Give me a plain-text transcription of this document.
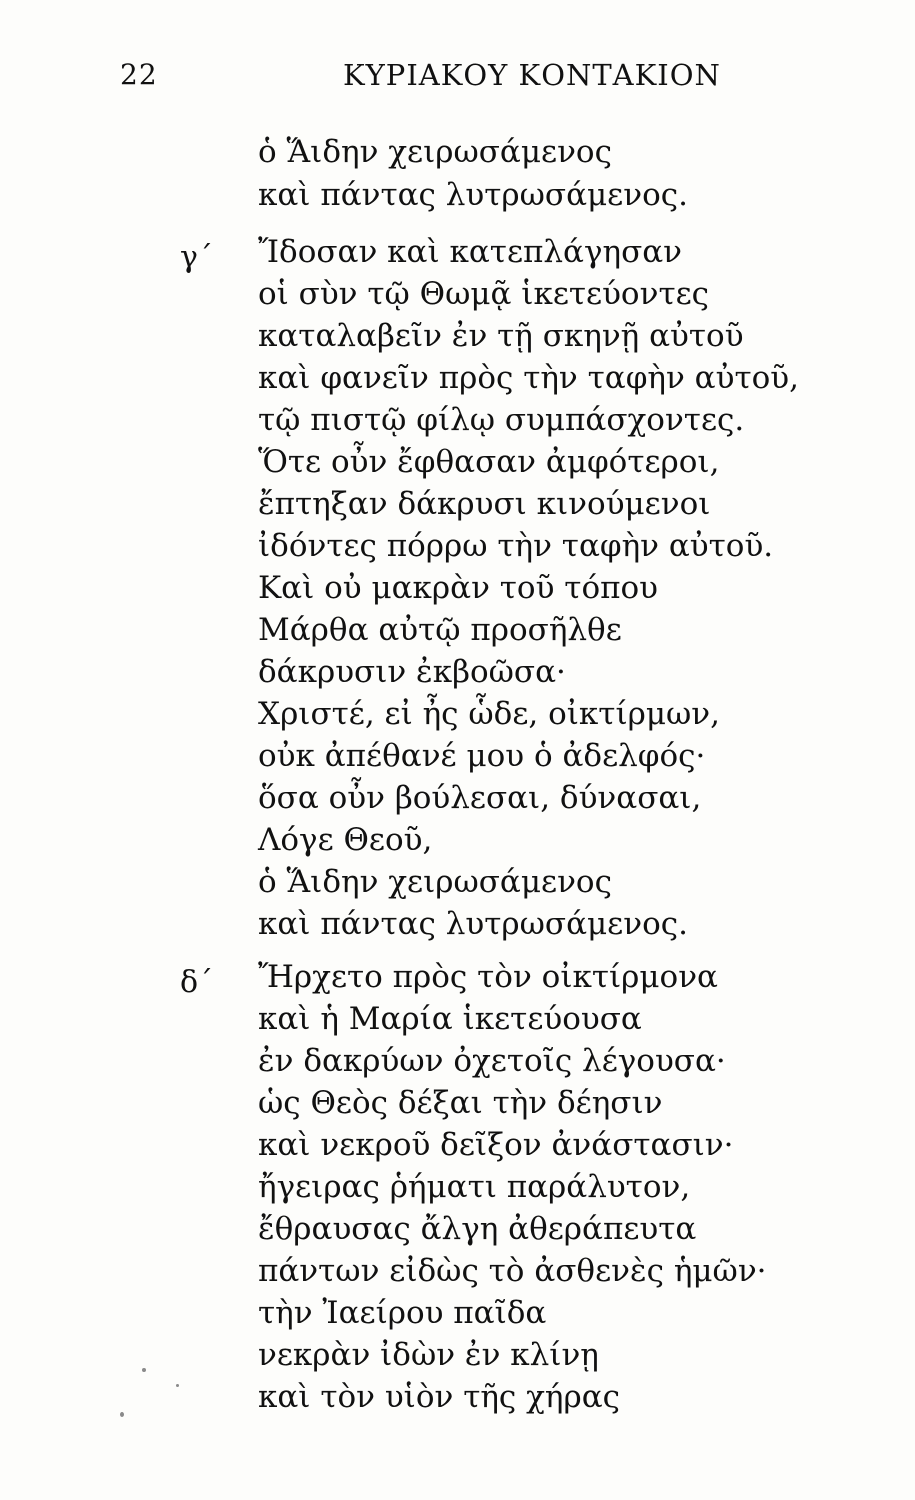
22	ΚΥΡΙΑΚΟΥ ΚΟΝΤΑΚΙΟΝ
ὁ Ἅιδην χειρωσάμενος
καὶ πάντας λυτρωσάμενος.
γ΄ Ἴδοσαν καὶ κατεπλάγησαν
οἱ σὺν τῷ Θωμᾷ ἱκετεύοντες
καταλαβεῖν ἐν τῇ σκηνῇ αὐτοῦ
καὶ φανεῖν πρὸς τὴν ταφὴν αὐτοῦ,
τῷ πιστῷ φίλῳ συμπάσχοντες.
Ὅτε οὖν ἔφθασαν ἀμφότεροι,
ἔπτηξαν δάκρυσι κινούμενοι
ἰδόντες πόρρω τὴν ταφὴν αὐτοῦ.
Καὶ οὐ μακρὰν τοῦ τόπου
Μάρθα αὐτῷ προσῆλθε
δάκρυσιν ἐκβοῶσα·
Χριστέ, εἰ ἦς ὧδε, οἰκτίρμων,
οὐκ ἀπέθανέ μου ὁ ἀδελφός·
ὅσα οὖν βούλεσαι, δύνασαι,
Λόγε Θεοῦ,
ὁ Ἅιδην χειρωσάμενος
καὶ πάντας λυτρωσάμενος.
δ΄ Ἤρχετο πρὸς τὸν οἰκτίρμονα
καὶ ἡ Μαρία ἱκετεύουσα
ἐν δακρύων ὀχετοῖς λέγουσα·
ὡς Θεὸς δέξαι τὴν δέησιν
καὶ νεκροῦ δεῖξον ἀνάστασιν·
ἤγειρας ῥήματι παράλυτον,
ἔθραυσας ἄλγη ἀθεράπευτα
πάντων εἰδὼς τὸ ἀσθενὲς ἡμῶν·
τὴν Ἰαείρου παῖδα
νεκρὰν ἰδὼν ἐν κλίνῃ
καὶ τὸν υἱὸν τῆς χήρας
